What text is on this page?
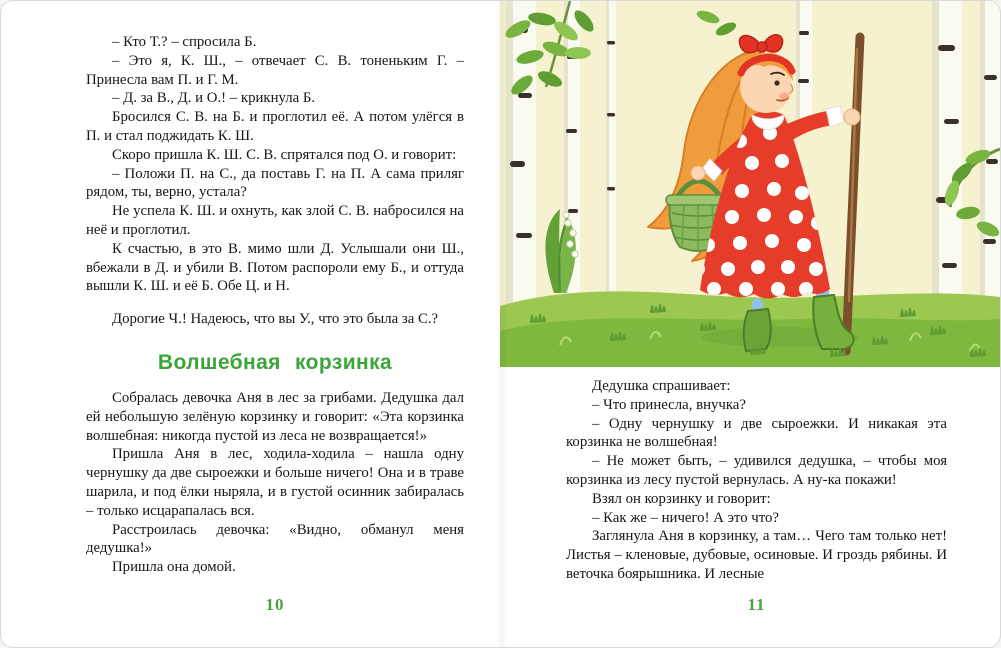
– Кто Т.? – спросила Б.

– Это я, К. Ш., – отвечает С. В. тоненьким Г. – Принесла вам П. и Г. М.

– Д. за В., Д. и О.! – крикнула Б.

Бросился С. В. на Б. и проглотил её. А потом улёгся в П. и стал поджидать К. Ш.

Скоро пришла К. Ш. С. В. спрятался под О. и говорит:

– Положи П. на С., да поставь Г. на П. А сама приляг рядом, ты, верно, устала?

Не успела К. Ш. и охнуть, как злой С. В. набросился на неё и проглотил.

К счастью, в это В. мимо шли Д. Услышали они Ш., вбежали в Д. и убили В. Потом распороли ему Б., и оттуда вышли К. Ш. и её Б. Обе Ц. и Н.

Дорогие Ч.! Надеюсь, что вы У., что это была за С.?

Волшебная корзинка

Собралась девочка Аня в лес за грибами. Дедушка дал ей небольшую зелёную корзинку и говорит: «Эта корзинка волшебная: никогда пустой из леса не возвращается!»

Пришла Аня в лес, ходила-ходила – нашла одну чернушку да две сыроежки и больше ничего! Она и в траве шарила, и под ёлки ныряла, и в густой осинник забиралась – только исцарапалась вся.

Расстроилась девочка: «Видно, обманул меня дедушка!»

Пришла она домой.

Дедушка спрашивает:

– Что принесла, внучка?

– Одну чернушку и две сыроежки. И никакая эта корзинка не волшебная!

– Не может быть, – удивился дедушка, – чтобы моя корзинка из лесу пустой вернулась. А ну-ка покажи!

Взял он корзинку и говорит:

– Как же – ничего! А это что?

Заглянула Аня в корзинку, а там… Чего там только нет! Листья – кленовые, дубовые, осиновые. И гроздь рябины. И веточка боярышника. И лесные

10	11
